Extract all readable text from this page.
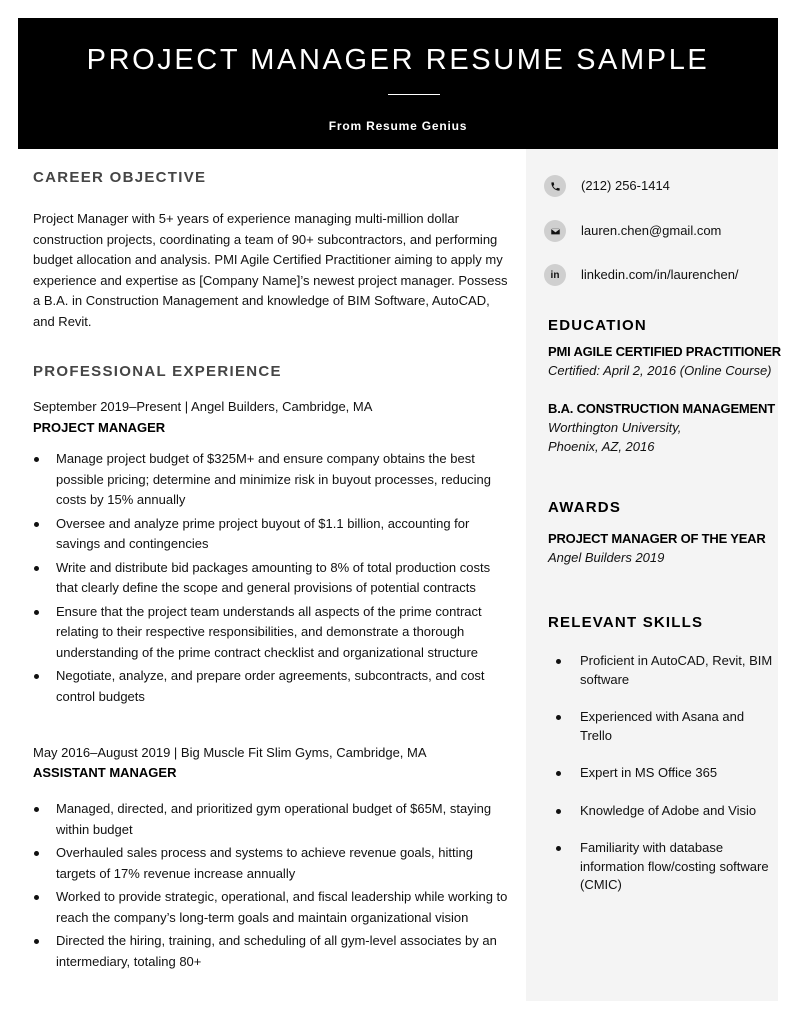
PROJECT MANAGER RESUME SAMPLE
From Resume Genius
(212) 256-1414
lauren.chen@gmail.com
in	linkedin.com/in/laurenchen/
EDUCATION
PMI AGILE CERTIFIED PRACTITIONER
Certified: April 2, 2016 (Online Course)
B.A. CONSTRUCTION MANAGEMENT
Worthington University,
Phoenix, AZ, 2016
AWARDS
PROJECT MANAGER OF THE YEAR
Angel Builders 2019
RELEVANT SKILLS
Proficient in AutoCAD, Revit, BIM software
Experienced with Asana and Trello
Expert in MS Office 365
Knowledge of Adobe and Visio
Familiarity with database information flow/costing software (CMIC)
CAREER OBJECTIVE
Project Manager with 5+ years of experience managing multi-million dollar construction projects, coordinating a team of 90+ subcontractors, and performing budget allocation and analysis. PMI Agile Certified Practitioner aiming to apply my experience and expertise as [Company Name]’s newest project manager. Possess a B.A. in Construction Management and knowledge of BIM Software, AutoCAD, and Revit.
PROFESSIONAL EXPERIENCE
September 2019–Present | Angel Builders, Cambridge, MA
PROJECT MANAGER
Manage project budget of $325M+ and ensure company obtains the best possible pricing; determine and minimize risk in buyout processes, reducing costs by 15% annually
Oversee and analyze prime project buyout of $1.1 billion, accounting for savings and contingencies
Write and distribute bid packages amounting to 8% of total production costs that clearly define the scope and general provisions of potential contracts
Ensure that the project team understands all aspects of the prime contract relating to their respective responsibilities, and demonstrate a thorough understanding of the prime contract checklist and organizational structure
Negotiate, analyze, and prepare order agreements, subcontracts, and cost control budgets
May 2016–August 2019 | Big Muscle Fit Slim Gyms, Cambridge, MA
ASSISTANT MANAGER
Managed, directed, and prioritized gym operational budget of $65M, staying within budget
Overhauled sales process and systems to achieve revenue goals, hitting targets of 17% revenue increase annually
Worked to provide strategic, operational, and fiscal leadership while working to reach the company’s long-term goals and maintain organizational vision
Directed the hiring, training, and scheduling of all gym-level associates by an intermediary, totaling 80+
